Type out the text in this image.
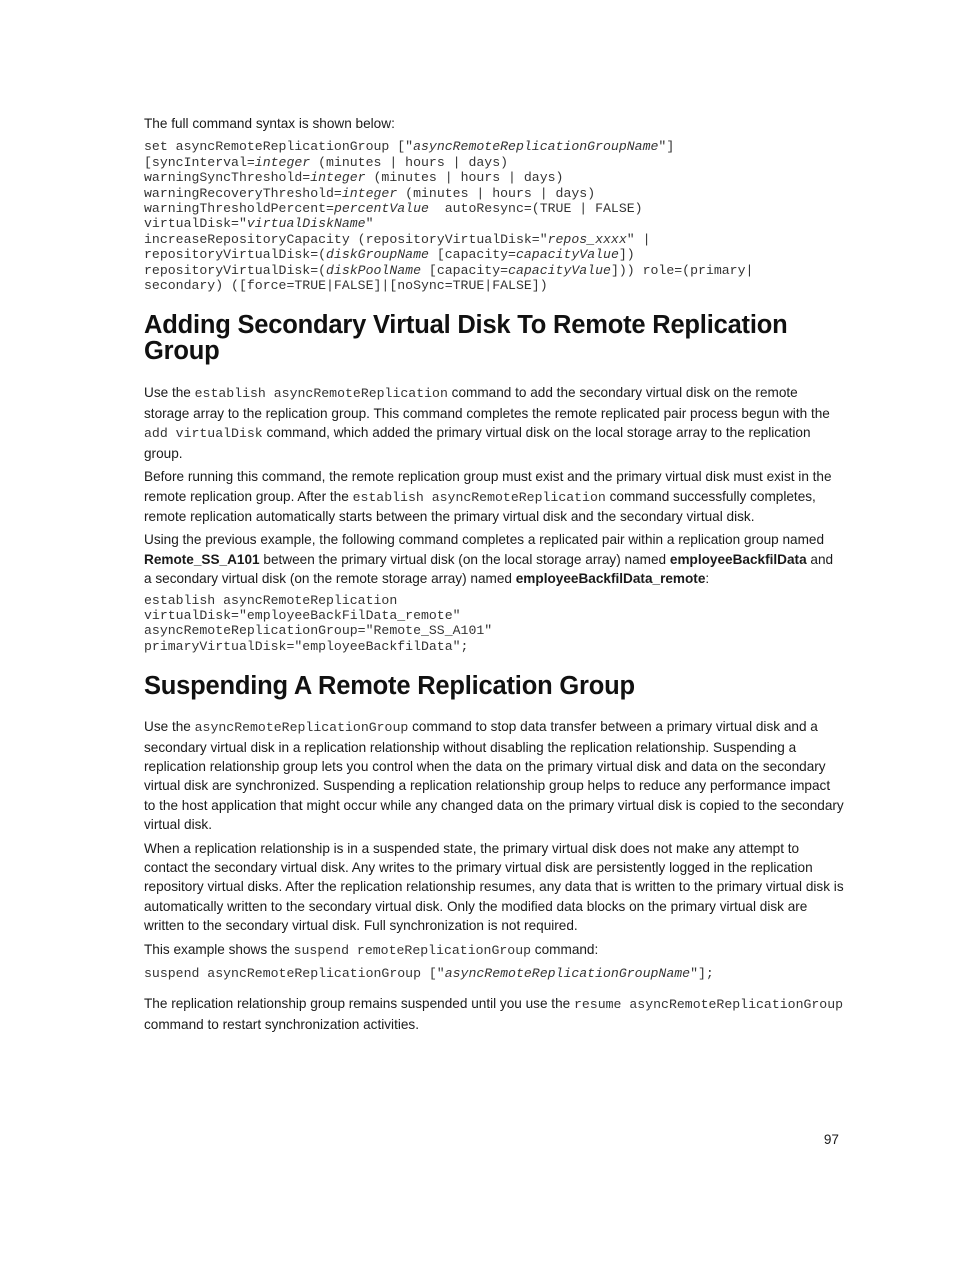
The full command syntax is shown below:

set asyncRemoteReplicationGroup ["asyncRemoteReplicationGroupName"]
[syncInterval=integer (minutes | hours | days)
warningSyncThreshold=integer (minutes | hours | days)
warningRecoveryThreshold=integer (minutes | hours | days)
warningThresholdPercent=percentValue  autoResync=(TRUE | FALSE)
virtualDisk="virtualDiskName"
increaseRepositoryCapacity (repositoryVirtualDisk="repos_xxxx" |
repositoryVirtualDisk=(diskGroupName [capacity=capacityValue])
repositoryVirtualDisk=(diskPoolName [capacity=capacityValue])) role=(primary|
secondary) ([force=TRUE|FALSE]|[noSync=TRUE|FALSE])
Adding Secondary Virtual Disk To Remote Replication Group

Use the establish asyncRemoteReplication command to add the secondary virtual disk on the remote storage array to the replication group. This command completes the remote replicated pair process begun with the add virtualDisk command, which added the primary virtual disk on the local storage array to the replication group.

Before running this command, the remote replication group must exist and the primary virtual disk must exist in the remote replication group. After the establish asyncRemoteReplication command successfully completes, remote replication automatically starts between the primary virtual disk and the secondary virtual disk.

Using the previous example, the following command completes a replicated pair within a replication group named Remote_SS_A101 between the primary virtual disk (on the local storage array) named employeeBackfilData and a secondary virtual disk (on the remote storage array) named employeeBackfilData_remote:

establish asyncRemoteReplication
virtualDisk="employeeBackFilData_remote"
asyncRemoteReplicationGroup="Remote_SS_A101"
primaryVirtualDisk="employeeBackfilData";
Suspending A Remote Replication Group

Use the asyncRemoteReplicationGroup command to stop data transfer between a primary virtual disk and a secondary virtual disk in a replication relationship without disabling the replication relationship. Suspending a replication relationship group lets you control when the data on the primary virtual disk and data on the secondary virtual disk are synchronized. Suspending a replication relationship group helps to reduce any performance impact to the host application that might occur while any changed data on the primary virtual disk is copied to the secondary virtual disk.

When a replication relationship is in a suspended state, the primary virtual disk does not make any attempt to contact the secondary virtual disk. Any writes to the primary virtual disk are persistently logged in the replication repository virtual disks. After the replication relationship resumes, any data that is written to the primary virtual disk is automatically written to the secondary virtual disk. Only the modified data blocks on the primary virtual disk are written to the secondary virtual disk. Full synchronization is not required.

This example shows the suspend remoteReplicationGroup command:

suspend asyncRemoteReplicationGroup ["asyncRemoteReplicationGroupName"];

The replication relationship group remains suspended until you use the resume asyncRemoteReplicationGroup command to restart synchronization activities.

97
